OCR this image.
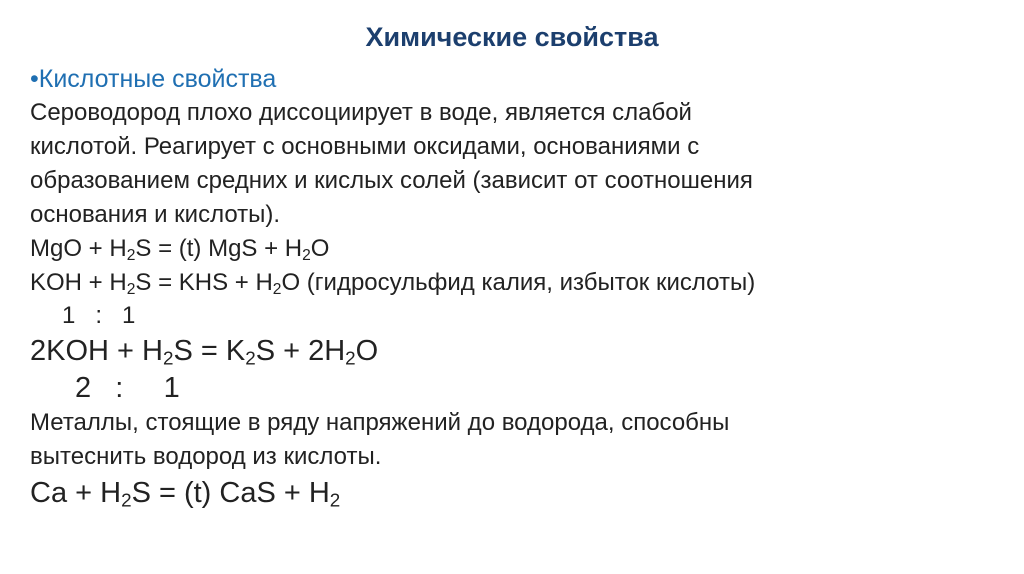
Химические свойства
•Кислотные свойства
Сероводород плохо диссоциирует в воде, является слабой
кислотой. Реагирует с основными оксидами, основаниями с
образованием средних и кислых солей (зависит от соотношения
основания и кислоты).
MgO + $H_2S = (t)$ MgS + $H_2O$
KOH + $H_2S$ = KHS + $H_2O$ (гидросульфид калия, избыток кислоты)
1   :   1
$2KOH + H_2S = K_2S + 2H_2O$
2   :     1
Металлы, стоящие в ряду напряжений до водорода, способны
вытеснить водород из кислоты.
$Ca + H_2S = (t)$ CaS + $H_2$
